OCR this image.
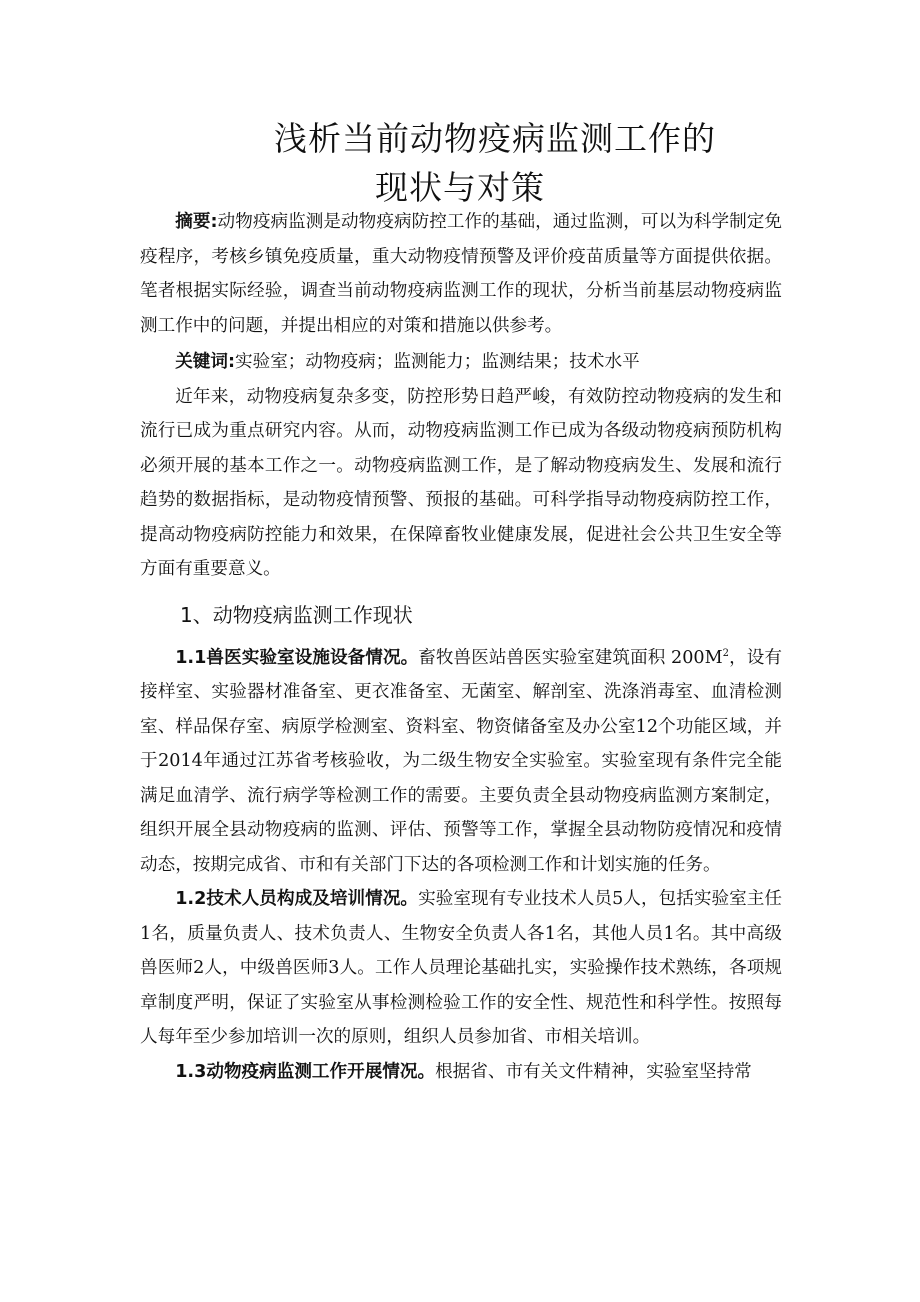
浅析当前动物疫病监测工作的
现状与对策

摘要:动物疫病监测是动物疫病防控工作的基础，通过监测，可以为科学制定免疫程序，考核乡镇免疫质量，重大动物疫情预警及评价疫苗质量等方面提供依据。笔者根据实际经验，调查当前动物疫病监测工作的现状，分析当前基层动物疫病监测工作中的问题，并提出相应的对策和措施以供参考。

关键词:实验室；动物疫病；监测能力；监测结果；技术水平

近年来，动物疫病复杂多变，防控形势日趋严峻，有效防控动物疫病的发生和流行已成为重点研究内容。从而，动物疫病监测工作已成为各级动物疫病预防机构必须开展的基本工作之一。动物疫病监测工作，是了解动物疫病发生、发展和流行趋势的数据指标，是动物疫情预警、预报的基础。可科学指导动物疫病防控工作，提高动物疫病防控能力和效果，在保障畜牧业健康发展，促进社会公共卫生安全等方面有重要意义。

1、动物疫病监测工作现状

1.1兽医实验室设施设备情况。畜牧兽医站兽医实验室建筑面积 $200M^2$，设有接样室、实验器材准备室、更衣准备室、无菌室、解剖室、洗涤消毒室、血清检测室、样品保存室、病原学检测室、资料室、物资储备室及办公室12个功能区域，并于2014年通过江苏省考核验收，为二级生物安全实验室。实验室现有条件完全能满足血清学、流行病学等检测工作的需要。主要负责全县动物疫病监测方案制定，组织开展全县动物疫病的监测、评估、预警等工作，掌握全县动物防疫情况和疫情动态，按期完成省、市和有关部门下达的各项检测工作和计划实施的任务。

1.2技术人员构成及培训情况。实验室现有专业技术人员5人，包括实验室主任1名，质量负责人、技术负责人、生物安全负责人各1名，其他人员1名。其中高级兽医师2人，中级兽医师3人。工作人员理论基础扎实，实验操作技术熟练，各项规章制度严明，保证了实验室从事检测检验工作的安全性、规范性和科学性。按照每人每年至少参加培训一次的原则，组织人员参加省、市相关培训。

1.3动物疫病监测工作开展情况。根据省、市有关文件精神，实验室坚持常
